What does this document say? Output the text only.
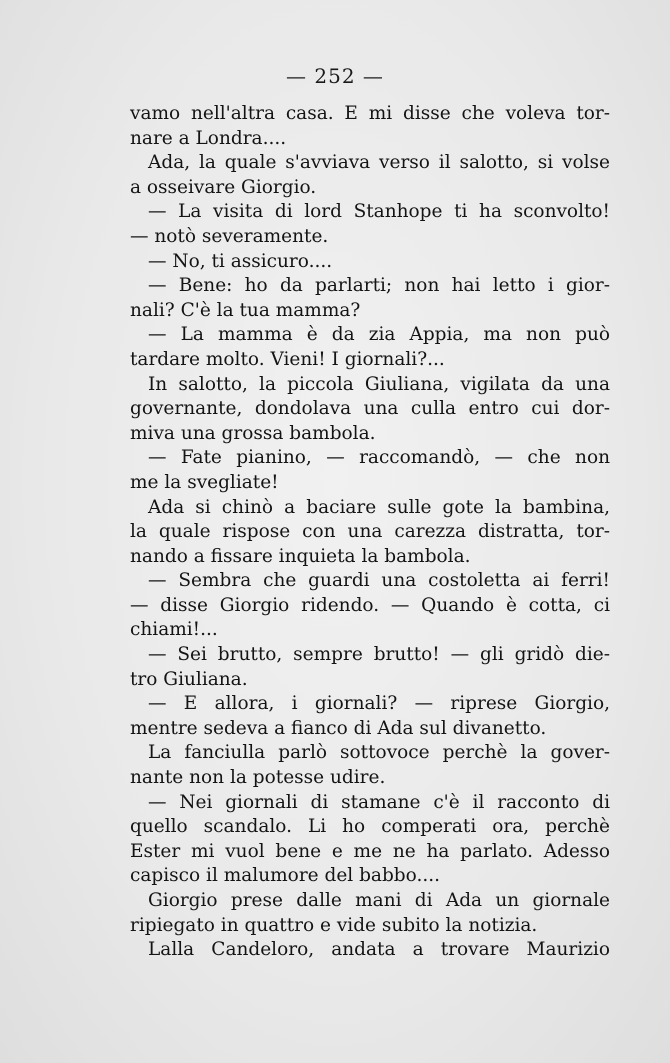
— 252 —
vamo nell'altra casa. E mi disse che voleva tor-
nare a Londra....
Ada, la quale s'avviava verso il salotto, si volse
a osseivare Giorgio.
— La visita di lord Stanhope ti ha sconvolto!
— notò severamente.
— No, ti assicuro....
— Bene: ho da parlarti; non hai letto i gior-
nali? C'è la tua mamma?
— La mamma è da zia Appia, ma non può
tardare molto. Vieni! I giornali?...
In salotto, la piccola Giuliana, vigilata da una
governante, dondolava una culla entro cui dor-
miva una grossa bambola.
— Fate pianino, — raccomandò, — che non
me la svegliate!
Ada si chinò a baciare sulle gote la bambina,
la quale rispose con una carezza distratta, tor-
nando a fissare inquieta la bambola.
— Sembra che guardi una costoletta ai ferri!
— disse Giorgio ridendo. — Quando è cotta, ci
chiami!...
— Sei brutto, sempre brutto! — gli gridò die-
tro Giuliana.
— E allora, i giornali? — riprese Giorgio,
mentre sedeva a fianco di Ada sul divanetto.
La fanciulla parlò sottovoce perchè la gover-
nante non la potesse udire.
— Nei giornali di stamane c'è il racconto di
quello scandalo. Li ho comperati ora, perchè
Ester mi vuol bene e me ne ha parlato. Adesso
capisco il malumore del babbo....
Giorgio prese dalle mani di Ada un giornale
ripiegato in quattro e vide subito la notizia.
Lalla Candeloro, andata a trovare Maurizio
